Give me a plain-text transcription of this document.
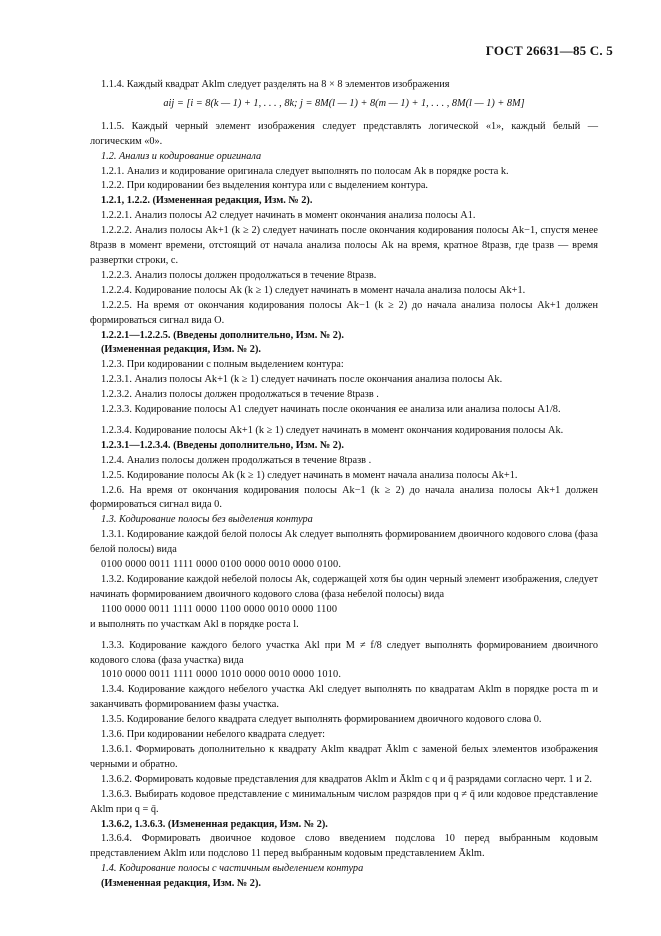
ГОСТ 26631—85 С. 5

1.1.4. Каждый квадрат Aklm следует разделять на 8 × 8 элементов изображения

aij = [i = 8(k — 1) + 1, . . . , 8k; j = 8M(l — 1) + 8(m — 1) + 1, . . . , 8M(l — 1) + 8M]

1.1.5. Каждый черный элемент изображения следует представлять логической «1», каждый белый — логическим «0».

1.2. Анализ и кодирование оригинала

1.2.1. Анализ и кодирование оригинала следует выполнять по полосам Ak в порядке роста k.

1.2.2. При кодировании без выделения контура или с выделением контура.

1.2.1, 1.2.2. (Измененная редакция, Изм. № 2).

1.2.2.1. Анализ полосы A2 следует начинать в момент окончания анализа полосы A1.

1.2.2.2. Анализ полосы Ak+1 (k ≥ 2) следует начинать после окончания кодирования полосы Ak−1, спустя менее 8tразв в момент времени, отстоящий от начала анализа полосы Ak на время, кратное 8tразв, где tразв — время развертки строки, с.

1.2.2.3. Анализ полосы должен продолжаться в течение 8tразв.

1.2.2.4. Кодирование полосы Ak (k ≥ 1) следует начинать в момент начала анализа полосы Ak+1.

1.2.2.5. На время от окончания кодирования полосы Ak−1 (k ≥ 2) до начала анализа полосы Ak+1 должен формироваться сигнал вида О.

1.2.2.1—1.2.2.5. (Введены дополнительно, Изм. № 2).

(Измененная редакция, Изм. № 2).

1.2.3. При кодировании с полным выделением контура:

1.2.3.1. Анализ полосы Ak+1 (k ≥ 1) следует начинать после окончания анализа полосы Ak.

1.2.3.2. Анализ полосы должен продолжаться в течение 8tразв .

1.2.3.3. Кодирование полосы A1 следует начинать после окончания ее анализа или анализа полосы A1/8.

1.2.3.4. Кодирование полосы Ak+1 (k ≥ 1) следует начинать в момент окончания кодирования полосы Ak.

1.2.3.1—1.2.3.4. (Введены дополнительно, Изм. № 2).

1.2.4. Анализ полосы должен продолжаться в течение 8tразв .

1.2.5. Кодирование полосы Ak (k ≥ 1) следует начинать в момент начала анализа полосы Ak+1.

1.2.6. На время от окончания кодирования полосы Ak−1 (k ≥ 2) до начала анализа полосы Ak+1 должен формироваться сигнал вида 0.

1.3. Кодирование полосы без выделения контура

1.3.1. Кодирование каждой белой полосы Ak следует выполнять формированием двоичного кодового слова (фаза белой полосы) вида

0100 0000 0011 1111 0000 0100 0000 0010 0000 0100.

1.3.2. Кодирование каждой небелой полосы Ak, содержащей хотя бы один черный элемент изображения, следует начинать формированием двоичного кодового слова (фаза небелой полосы) вида

1100 0000 0011 1111 0000 1100 0000 0010 0000 1100

и выполнять по участкам Akl в порядке роста l.

1.3.3. Кодирование каждого белого участка Akl при M ≠ f/8 следует выполнять формированием двоичного кодового слова (фаза участка) вида

1010 0000 0011 1111 0000 1010 0000 0010 0000 1010.

1.3.4. Кодирование каждого небелого участка Akl следует выполнять по квадратам Aklm в порядке роста m и заканчивать формированием фазы участка.

1.3.5. Кодирование белого квадрата следует выполнять формированием двоичного кодового слова 0.

1.3.6. При кодировании небелого квадрата следует:

1.3.6.1. Формировать дополнительно к квадрату Aklm квадрат Āklm с заменой белых элементов изображения черными и обратно.

1.3.6.2. Формировать кодовые представления для квадратов Aklm и Āklm с q и q̄ разрядами согласно черт. 1 и 2.

1.3.6.3. Выбирать кодовое представление с минимальным числом разрядов при q ≠ q̄ или кодовое представление Aklm при q = q̄.

1.3.6.2, 1.3.6.3. (Измененная редакция, Изм. № 2).

1.3.6.4. Формировать двоичное кодовое слово введением подслова 10 перед выбранным кодовым представлением Aklm или подслово 11 перед выбранным кодовым представлением Āklm.

1.4. Кодирование полосы с частичным выделением контура

(Измененная редакция, Изм. № 2).
